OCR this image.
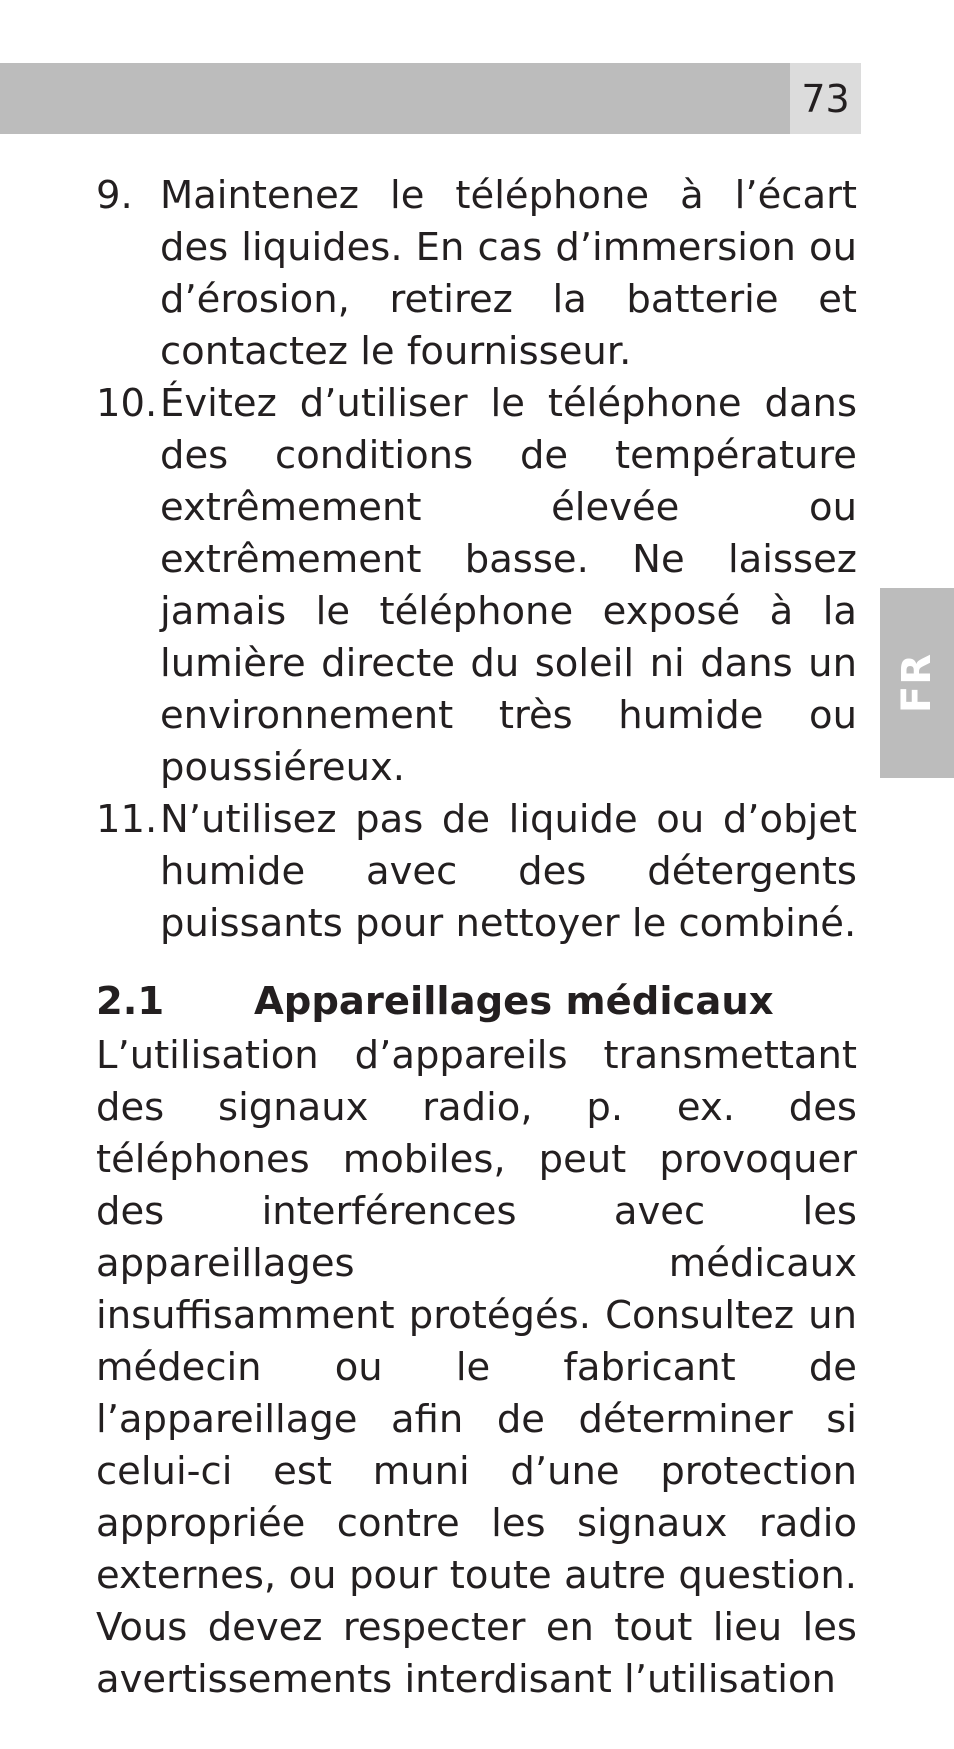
73
FR
9. Maintenez le téléphone à l’écart des liquides. En cas d’immersion ou d’érosion, retirez la batterie et contactez le fournisseur.
10. Évitez d’utiliser le téléphone dans des conditions de température extrêmement élevée ou extrêmement basse. Ne laissez jamais le téléphone exposé à la lumière directe du soleil ni dans un environnement très humide ou poussiéreux.
11. N’utilisez pas de liquide ou d’objet humide avec des détergents puissants pour nettoyer le combiné.
2.1	Appareillages médicaux

L’utilisation d’appareils transmettant des signaux radio, p. ex. des téléphones mobiles, peut provoquer des interférences avec les appareillages médicaux insuffisamment protégés. Consultez un médecin ou le fabricant de l’appareillage afin de déterminer si celui-ci est muni d’une protection appropriée contre les signaux radio externes, ou pour toute autre question. Vous devez respecter en tout lieu les avertissements interdisant l’utilisation
